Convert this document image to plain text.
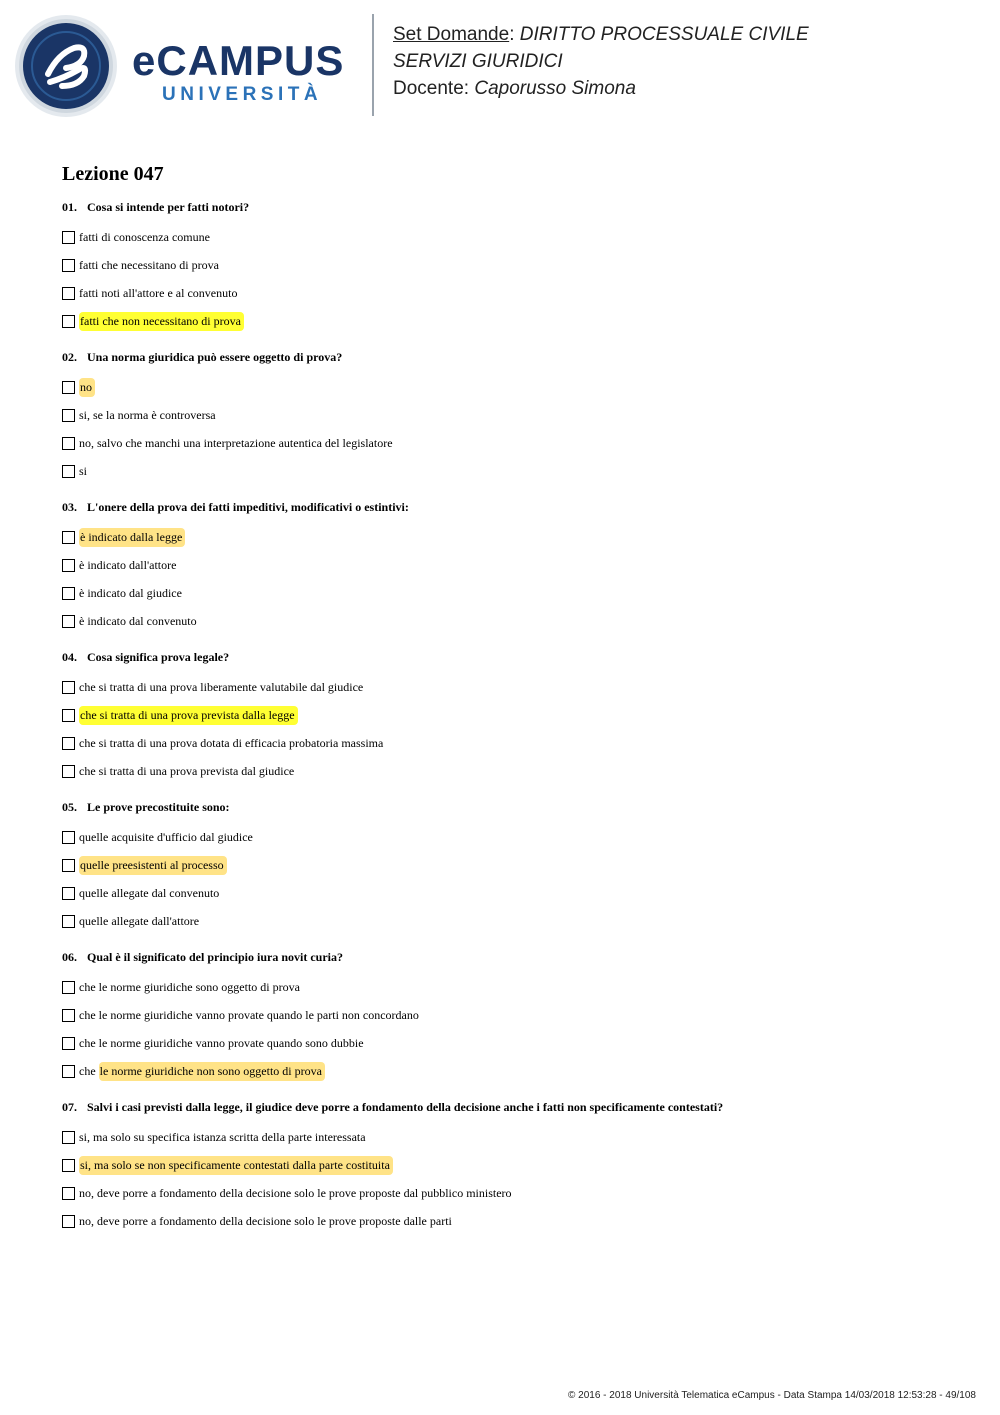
eCAMPUS
UNIVERSITÀ
Set Domande: DIRITTO PROCESSUALE CIVILE
SERVIZI GIURIDICI
Docente: Caporusso Simona
Lezione 047
01. Cosa si intende per fatti notori?
fatti di conoscenza comune
fatti che necessitano di prova
fatti noti all'attore e al convenuto
fatti che non necessitano di prova
02. Una norma giuridica può essere oggetto di prova?
no
si, se la norma è controversa
no, salvo che manchi una interpretazione autentica del legislatore
si
03. L'onere della prova dei fatti impeditivi, modificativi o estintivi:
è indicato dalla legge
è indicato dall'attore
è indicato dal giudice
è indicato dal convenuto
04. Cosa significa prova legale?
che si tratta di una prova liberamente valutabile dal giudice
che si tratta di una prova prevista dalla legge
che si tratta di una prova dotata di efficacia probatoria massima
che si tratta di una prova prevista dal giudice
05. Le prove precostituite sono:
quelle acquisite d'ufficio dal giudice
quelle preesistenti al processo
quelle allegate dal convenuto
quelle allegate dall'attore
06. Qual è il significato del principio iura novit curia?
che le norme giuridiche sono oggetto di prova
che le norme giuridiche vanno provate quando le parti non concordano
che le norme giuridiche vanno provate quando sono dubbie
che le norme giuridiche non sono oggetto di prova
07. Salvi i casi previsti dalla legge, il giudice deve porre a fondamento della decisione anche i fatti non specificamente contestati?
si, ma solo su specifica istanza scritta della parte interessata
si, ma solo se non specificamente contestati dalla parte costituita
no, deve porre a fondamento della decisione solo le prove proposte dal pubblico ministero
no, deve porre a fondamento della decisione solo le prove proposte dalle parti
© 2016 - 2018 Università Telematica eCampus - Data Stampa 14/03/2018 12:53:28 - 49/108
